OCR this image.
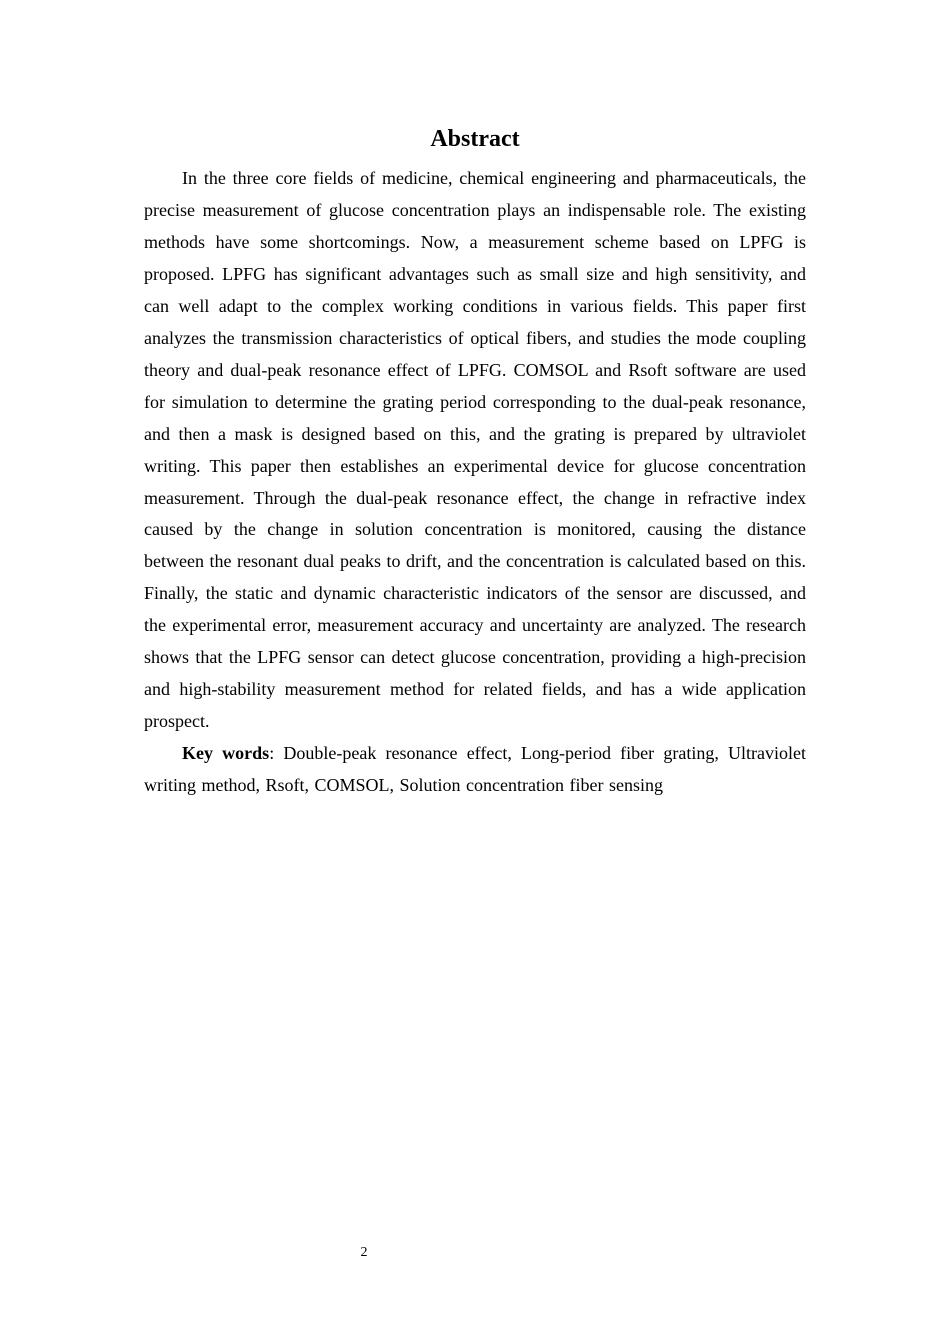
Abstract

In the three core fields of medicine, chemical engineering and pharmaceuticals, the precise measurement of glucose concentration plays an indispensable role. The existing methods have some shortcomings. Now, a measurement scheme based on LPFG is proposed. LPFG has significant advantages such as small size and high sensitivity, and can well adapt to the complex working conditions in various fields. This paper first analyzes the transmission characteristics of optical fibers, and studies the mode coupling theory and dual-peak resonance effect of LPFG. COMSOL and Rsoft software are used for simulation to determine the grating period corresponding to the dual-peak resonance, and then a mask is designed based on this, and the grating is prepared by ultraviolet writing. This paper then establishes an experimental device for glucose concentration measurement. Through the dual-peak resonance effect, the change in refractive index caused by the change in solution concentration is monitored, causing the distance between the resonant dual peaks to drift, and the concentration is calculated based on this. Finally, the static and dynamic characteristic indicators of the sensor are discussed, and the experimental error, measurement accuracy and uncertainty are analyzed. The research shows that the LPFG sensor can detect glucose concentration, providing a high-precision and high-stability measurement method for related fields, and has a wide application prospect.

Key words: Double-peak resonance effect, Long-period fiber grating, Ultraviolet writing method, Rsoft, COMSOL, Solution concentration fiber sensing

2
